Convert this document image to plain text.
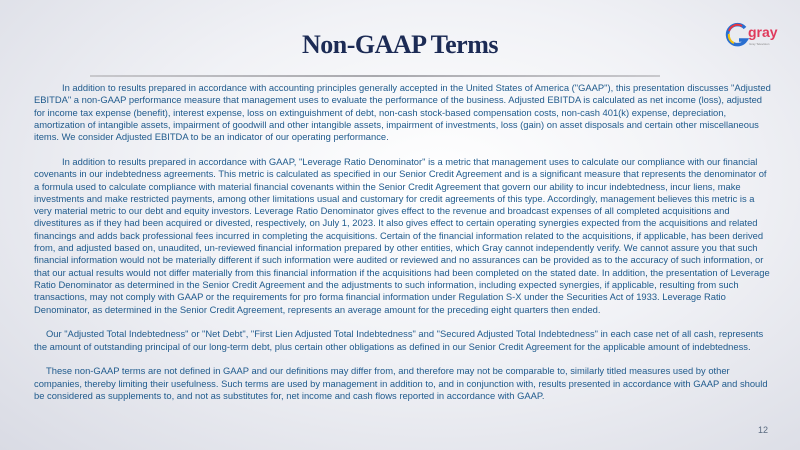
Non-GAAP Terms	gray
Gray Television

In addition to results prepared in accordance with accounting principles generally accepted in the United States of America ("GAAP"), this presentation discusses "Adjusted EBITDA" a non-GAAP performance measure that management uses to evaluate the performance of the business. Adjusted EBITDA is calculated as net income (loss), adjusted for income tax expense (benefit), interest expense, loss on extinguishment of debt, non-cash stock-based compensation costs, non-cash 401(k) expense, depreciation, amortization of intangible assets, impairment of goodwill and other intangible assets, impairment of investments, loss (gain) on asset disposals and certain other miscellaneous items. We consider Adjusted EBITDA to be an indicator of our operating performance.

In addition to results prepared in accordance with GAAP, "Leverage Ratio Denominator" is a metric that management uses to calculate our compliance with our financial covenants in our indebtedness agreements. This metric is calculated as specified in our Senior Credit Agreement and is a significant measure that represents the denominator of a formula used to calculate compliance with material financial covenants within the Senior Credit Agreement that govern our ability to incur indebtedness, incur liens, make investments and make restricted payments, among other limitations usual and customary for credit agreements of this type. Accordingly, management believes this metric is a very material metric to our debt and equity investors. Leverage Ratio Denominator gives effect to the revenue and broadcast expenses of all completed acquisitions and divestitures as if they had been acquired or divested, respectively, on July 1, 2023. It also gives effect to certain operating synergies expected from the acquisitions and related financings and adds back professional fees incurred in completing the acquisitions. Certain of the financial information related to the acquisitions, if applicable, has been derived from, and adjusted based on, unaudited, un-reviewed financial information prepared by other entities, which Gray cannot independently verify. We cannot assure you that such financial information would not be materially different if such information were audited or reviewed and no assurances can be provided as to the accuracy of such information, or that our actual results would not differ materially from this financial information if the acquisitions had been completed on the stated date. In addition, the presentation of Leverage Ratio Denominator as determined in the Senior Credit Agreement and the adjustments to such information, including expected synergies, if applicable, resulting from such transactions, may not comply with GAAP or the requirements for pro forma financial information under Regulation S-X under the Securities Act of 1933. Leverage Ratio Denominator, as determined in the Senior Credit Agreement, represents an average amount for the preceding eight quarters then ended.

Our "Adjusted Total Indebtedness" or "Net Debt", "First Lien Adjusted Total Indebtedness" and "Secured Adjusted Total Indebtedness" in each case net of all cash, represents the amount of outstanding principal of our long-term debt, plus certain other obligations as defined in our Senior Credit Agreement for the applicable amount of indebtedness.

These non-GAAP terms are not defined in GAAP and our definitions may differ from, and therefore may not be comparable to, similarly titled measures used by other companies, thereby limiting their usefulness. Such terms are used by management in addition to, and in conjunction with, results presented in accordance with GAAP and should be considered as supplements to, and not as substitutes for, net income and cash flows reported in accordance with GAAP.

12
